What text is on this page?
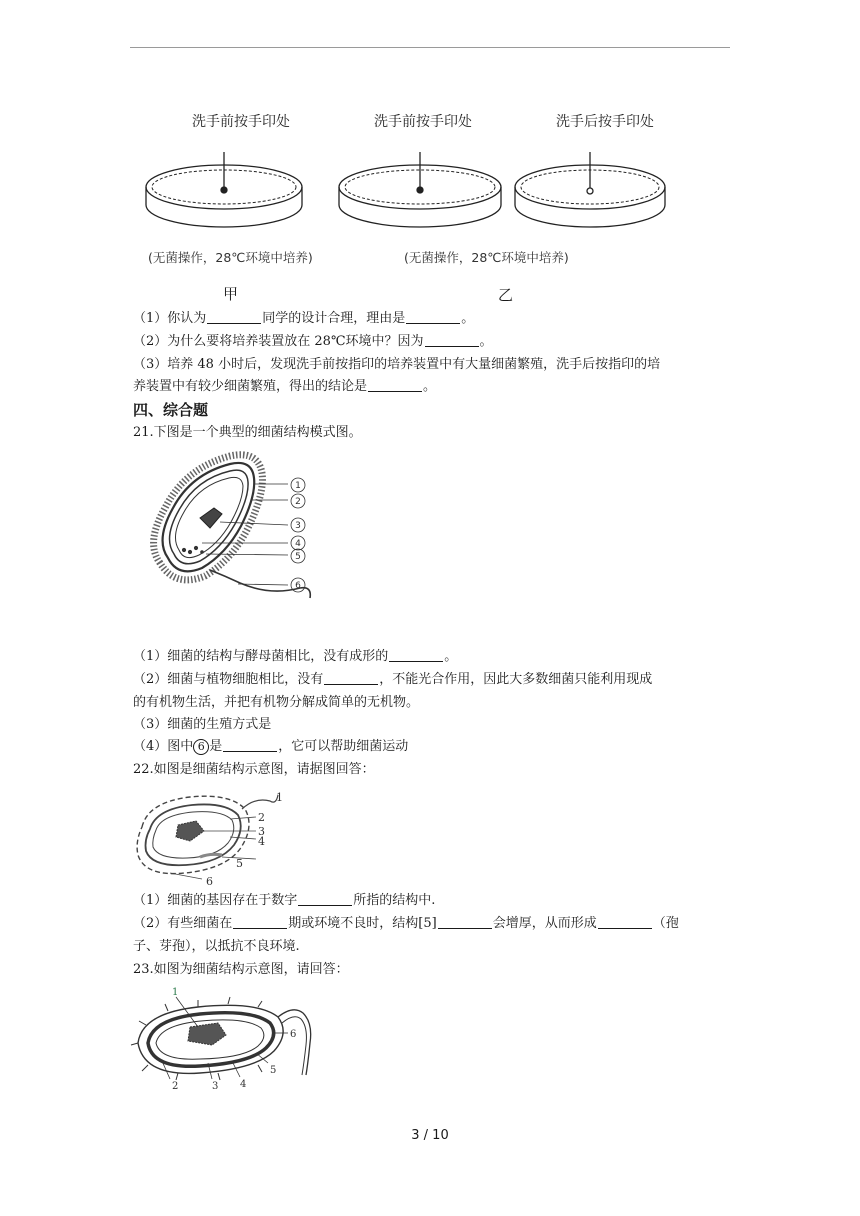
洗手前按手印处	洗手前按手印处	洗手后按手印处
(无菌操作，28℃环境中培养)	(无菌操作，28℃环境中培养)
甲	乙
（1）你认为	同学的设计合理，理由是	。
（2）为什么要将培养装置放在 28℃环境中？因为	。
（3）培养 48 小时后，发现洗手前按指印的培养装置中有大量细菌繁殖，洗手后按指印的培
养装置中有较少细菌繁殖，得出的结论是	。
四、综合题
21.下图是一个典型的细菌结构模式图。
1
2
3
4
5
6
（1）细菌的结构与酵母菌相比，没有成形的	。
（2）细菌与植物细胞相比，没有	，不能光合作用，因此大多数细菌只能利用现成
的有机物生活，并把有机物分解成简单的无机物。
（3）细菌的生殖方式是
（4）图中 6 是	，它可以帮助细菌运动
22.如图是细菌结构示意图，请据图回答：
1
2
3
4
5
6
（1）细菌的基因存在于数字	所指的结构中.
（2）有些细菌在	期或环境不良时，结构[5]	会增厚，从而形成	（孢
子、芽孢），以抵抗不良环境.
23.如图为细菌结构示意图，请回答：
1
2	3 4
5
6
3 / 10
